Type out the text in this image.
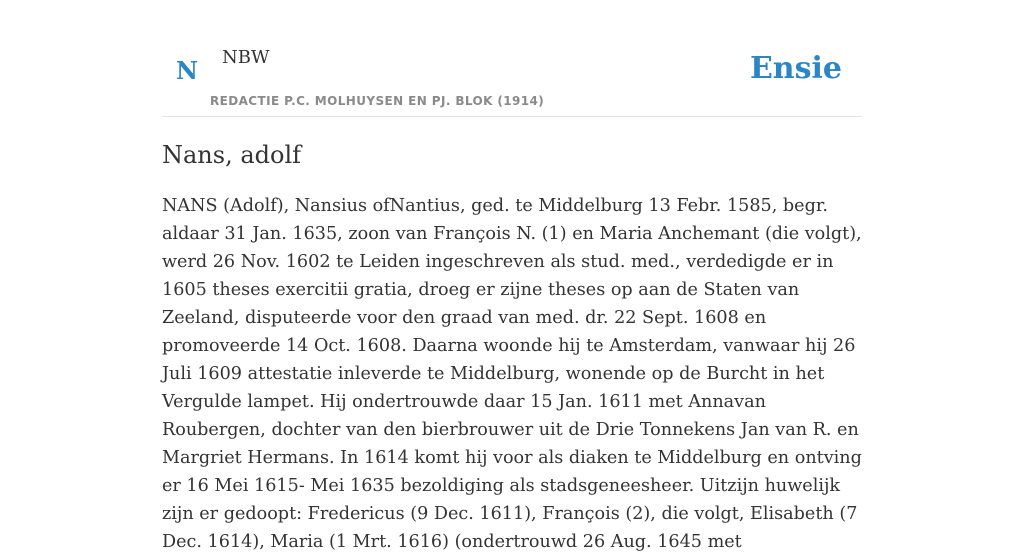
N NBW
REDACTIE P.C. MOLHUYSEN EN PJ. BLOK (1914)
Ensie
Nans, adolf

NANS (Adolf), Nansius ofNantius, ged. te Middelburg 13 Febr. 1585, begr. aldaar 31 Jan. 1635, zoon van François N. (1) en Maria Anchemant (die volgt), werd 26 Nov. 1602 te Leiden ingeschreven als stud. med., verdedigde er in 1605 theses exercitii gratia, droeg er zijne theses op aan de Staten van Zeeland, disputeerde voor den graad van med. dr. 22 Sept. 1608 en promoveerde 14 Oct. 1608. Daarna woonde hij te Amsterdam, vanwaar hij 26 Juli 1609 attestatie inleverde te Middelburg, wonende op de Burcht in het Vergulde lampet. Hij ondertrouwde daar 15 Jan. 1611 met Annavan Roubergen, dochter van den bierbrouwer uit de Drie Tonnekens Jan van R. en Margriet Hermans. In 1614 komt hij voor als diaken te Middelburg en ontving er 16 Mei 1615- Mei 1635 bezoldiging als stadsgeneesheer. Uitzijn huwelijk zijn er gedoopt: Fredericus (9 Dec. 1611), François (2), die volgt, Elisabeth (7 Dec. 1614), Maria (1 Mrt. 1616) (ondertrouwd 26 Aug. 1645 met
